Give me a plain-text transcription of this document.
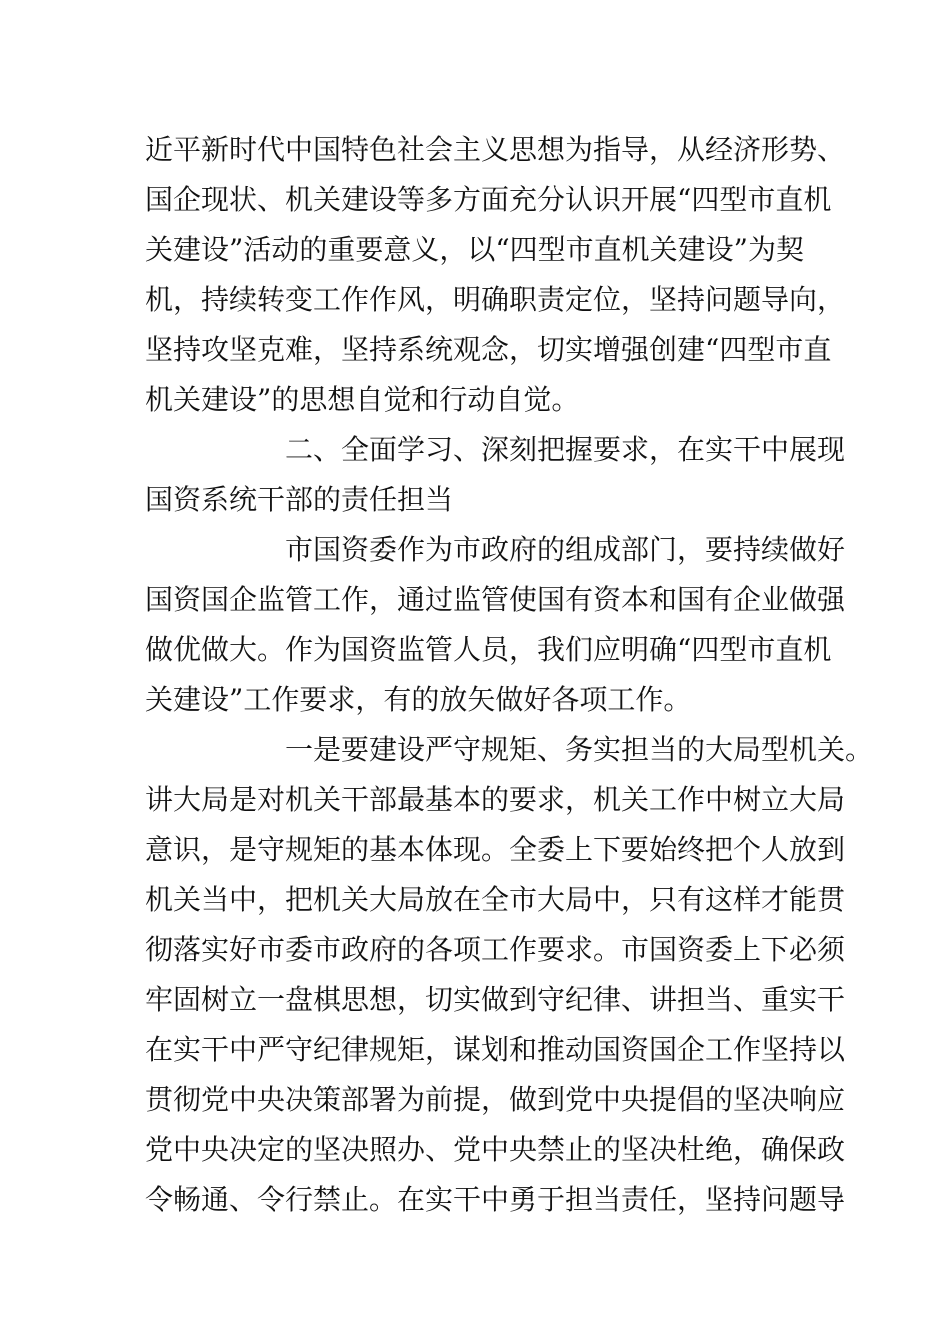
近平新时代中国特色社会主义思想为指导，从经济形势、
国企现状、机关建设等多方面充分认识开展“四型市直机
关建设”活动的重要意义，以“四型市直机关建设”为契
机，持续转变工作作风，明确职责定位，坚持问题导向，
坚持攻坚克难，坚持系统观念，切实增强创建“四型市直
机关建设”的思想自觉和行动自觉。
二、全面学习、深刻把握要求，在实干中展现
国资系统干部的责任担当
市国资委作为市政府的组成部门，要持续做好
国资国企监管工作，通过监管使国有资本和国有企业做强
做优做大。作为国资监管人员，我们应明确“四型市直机
关建设”工作要求，有的放矢做好各项工作。
一是要建设严守规矩、务实担当的大局型机关。
讲大局是对机关干部最基本的要求，机关工作中树立大局
意识，是守规矩的基本体现。全委上下要始终把个人放到
机关当中，把机关大局放在全市大局中，只有这样才能贯
彻落实好市委市政府的各项工作要求。市国资委上下必须
牢固树立一盘棋思想，切实做到守纪律、讲担当、重实干
在实干中严守纪律规矩，谋划和推动国资国企工作坚持以
贯彻党中央决策部署为前提，做到党中央提倡的坚决响应
党中央决定的坚决照办、党中央禁止的坚决杜绝，确保政
令畅通、令行禁止。在实干中勇于担当责任，坚持问题导
